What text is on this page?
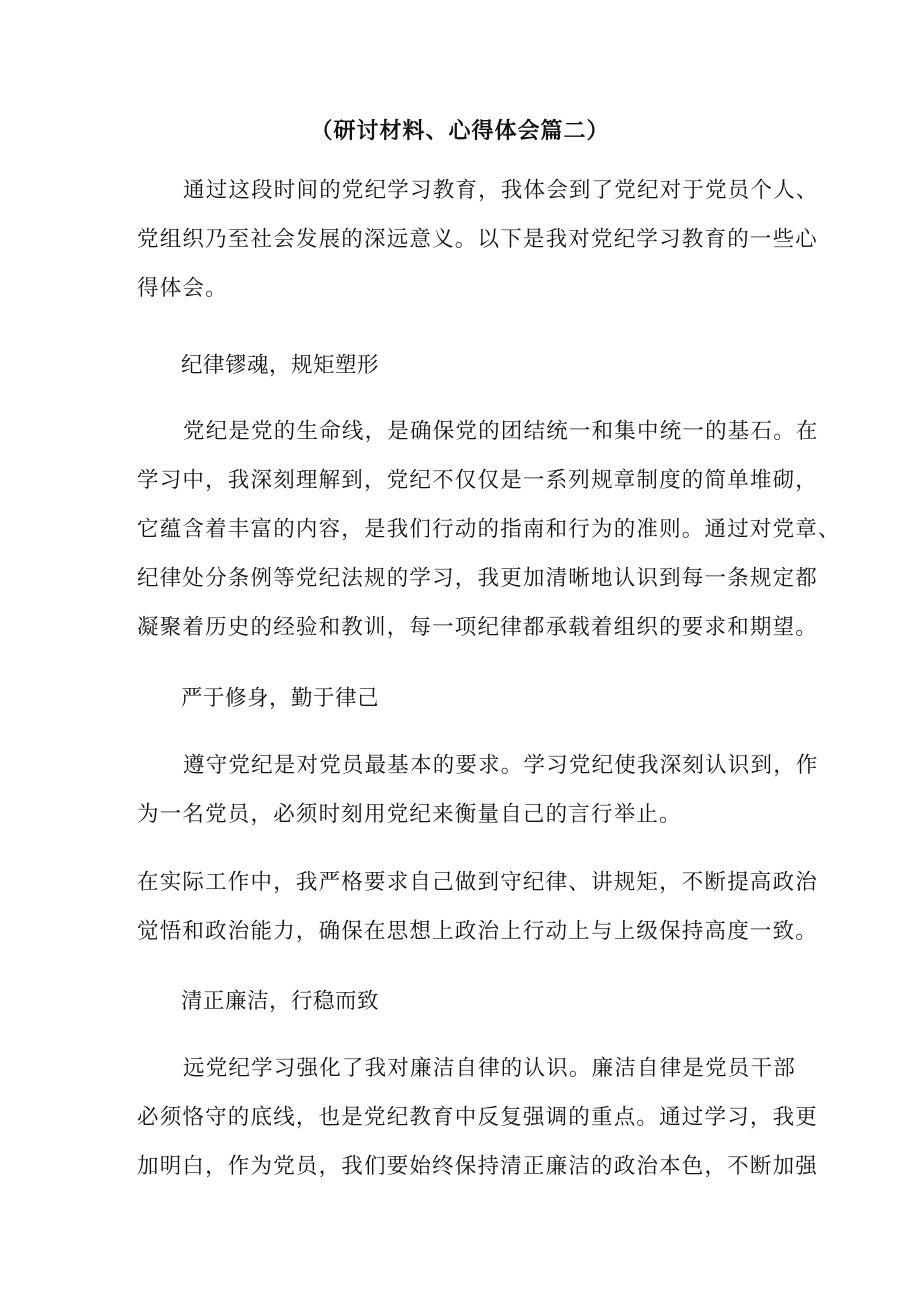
（研讨材料、心得体会篇二）
通过这段时间的党纪学习教育，我体会到了党纪对于党员个人、
党组织乃至社会发展的深远意义。以下是我对党纪学习教育的一些心
得体会。
纪律镠魂，规矩塑形
党纪是党的生命线，是确保党的团结统一和集中统一的基石。在
学习中，我深刻理解到，党纪不仅仅是一系列规章制度的简单堆砌，
它蕴含着丰富的内容，是我们行动的指南和行为的准则。通过对党章、
纪律处分条例等党纪法规的学习，我更加清晰地认识到每一条规定都
凝聚着历史的经验和教训，每一项纪律都承载着组织的要求和期望。
严于修身，勤于律己
遵守党纪是对党员最基本的要求。学习党纪使我深刻认识到，作
为一名党员，必须时刻用党纪来衡量自己的言行举止。
在实际工作中，我严格要求自己做到守纪律、讲规矩，不断提高政治
觉悟和政治能力，确保在思想上政治上行动上与上级保持高度一致。
清正廉洁，行稳而致
远党纪学习强化了我对廉洁自律的认识。廉洁自律是党员干部
必须恪守的底线，也是党纪教育中反复强调的重点。通过学习，我更
加明白，作为党员，我们要始终保持清正廉洁的政治本色，不断加强
